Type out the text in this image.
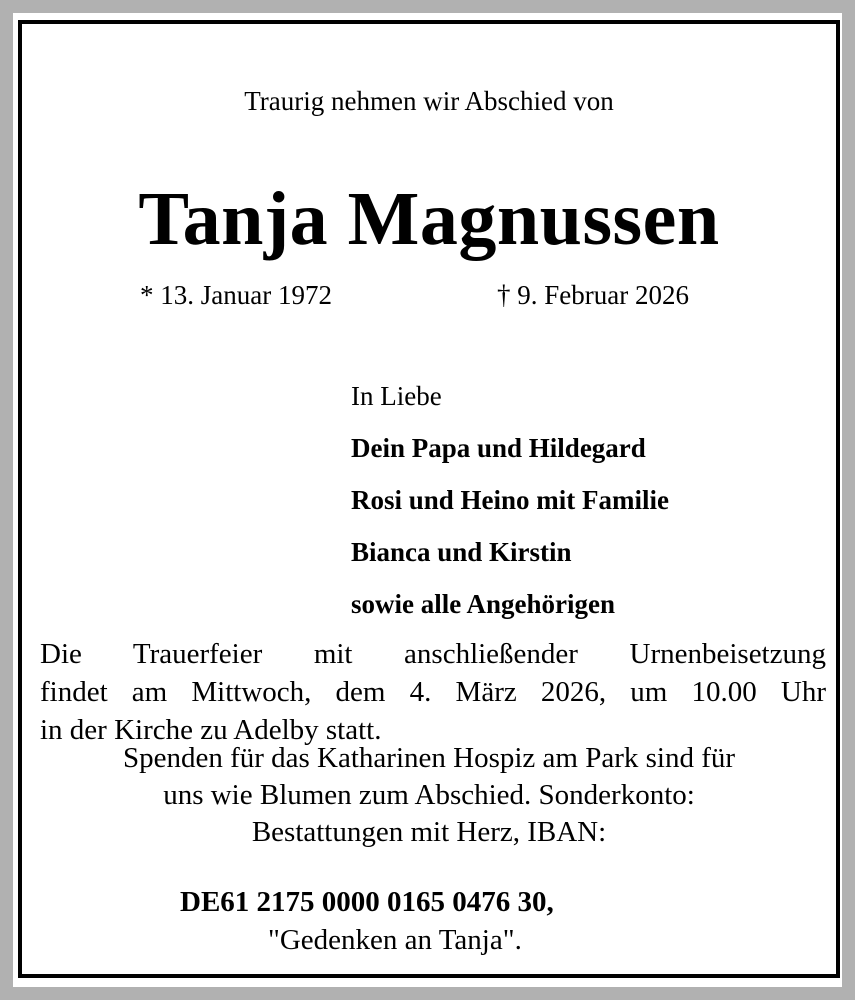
Traurig nehmen wir Abschied von
Tanja Magnussen
* 13. Januar 1972	† 9. Februar 2026
In Liebe
Dein Papa und Hildegard
Rosi und Heino mit Familie
Bianca und Kirstin
sowie alle Angehörigen
Die Trauerfeier mit anschließender Urnenbeisetzung
findet am Mittwoch, dem 4. März 2026, um 10.00 Uhr
in der Kirche zu Adelby statt.
Spenden für das Katharinen Hospiz am Park sind für
uns wie Blumen zum Abschied. Sonderkonto:
Bestattungen mit Herz, IBAN:
DE61 2175 0000 0165 0476 30,
"Gedenken an Tanja".
